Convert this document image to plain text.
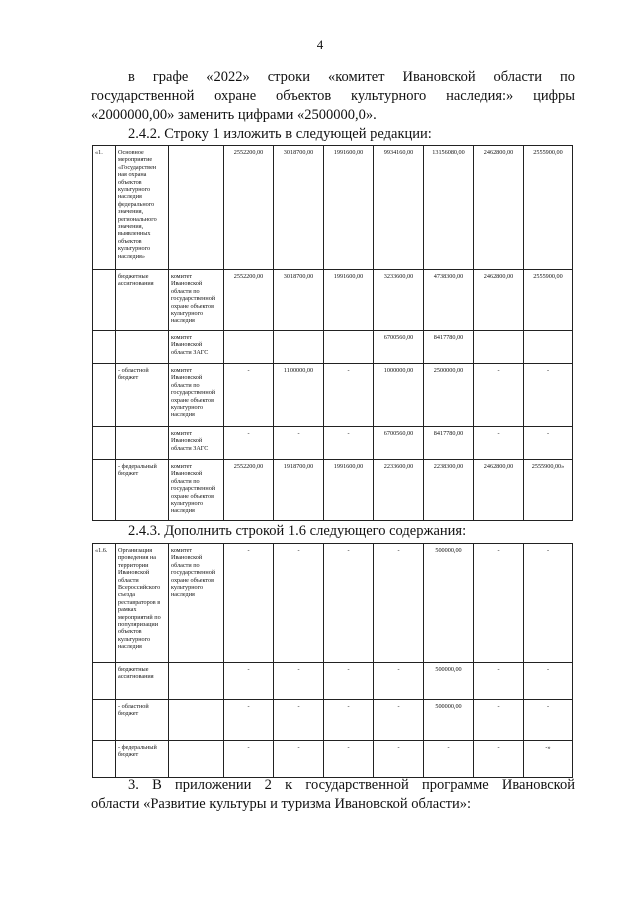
4
в графе «2022» строки «комитет Ивановской области по
государственной охране объектов культурного наследия:» цифры
«2000000,00» заменить цифрами «2500000,0».
2.4.2. Строку 1 изложить в следующей редакции:
«1.	Основное мероприятие «Государствен ная охрана объектов культурного наследия федерального значения, регионального значения, выявленных объектов культурного наследия»		2552200,00	3018700,00	1991600,00	9934160,00	13156080,00	2462800,00	2555900,00
	бюджетные ассигнования	комитет Ивановской области по государственной охране объектов культурного наследия	2552200,00	3018700,00	1991600,00	3233600,00	4738300,00	2462800,00	2555900,00
		комитет Ивановской области ЗАГС				6700560,00	8417780,00		
	- областной бюджет	комитет Ивановской области по государственной охране объектов культурного наследия	-	1100000,00	-	1000000,00	2500000,00	-	-
		комитет Ивановской области ЗАГС	-	-	-	6700560,00	8417780,00	-	-
	- федеральный бюджет	комитет Ивановской области по государственной охране объектов культурного наследия	2552200,00	1918700,00	1991600,00	2233600,00	2238300,00	2462800,00	2555900,00»
2.4.3. Дополнить строкой 1.6 следующего содержания:
«1.6.	Организация проведения на территории Ивановской области Всероссийского съезда реставраторов в рамках мероприятий по популяризации объектов культурного наследия	комитет Ивановской области по государственной охране объектов культурного наследия	-	-	-	-	500000,00	-	-
	бюджетные ассигнования		-	-	-	-	500000,00	-	-
	- областной бюджет		-	-	-	-	500000,00	-	-
	- федеральный бюджет		-	-	-	-	-	-	-»
3. В приложении 2 к государственной программе Ивановской
области «Развитие культуры и туризма Ивановской области»:
